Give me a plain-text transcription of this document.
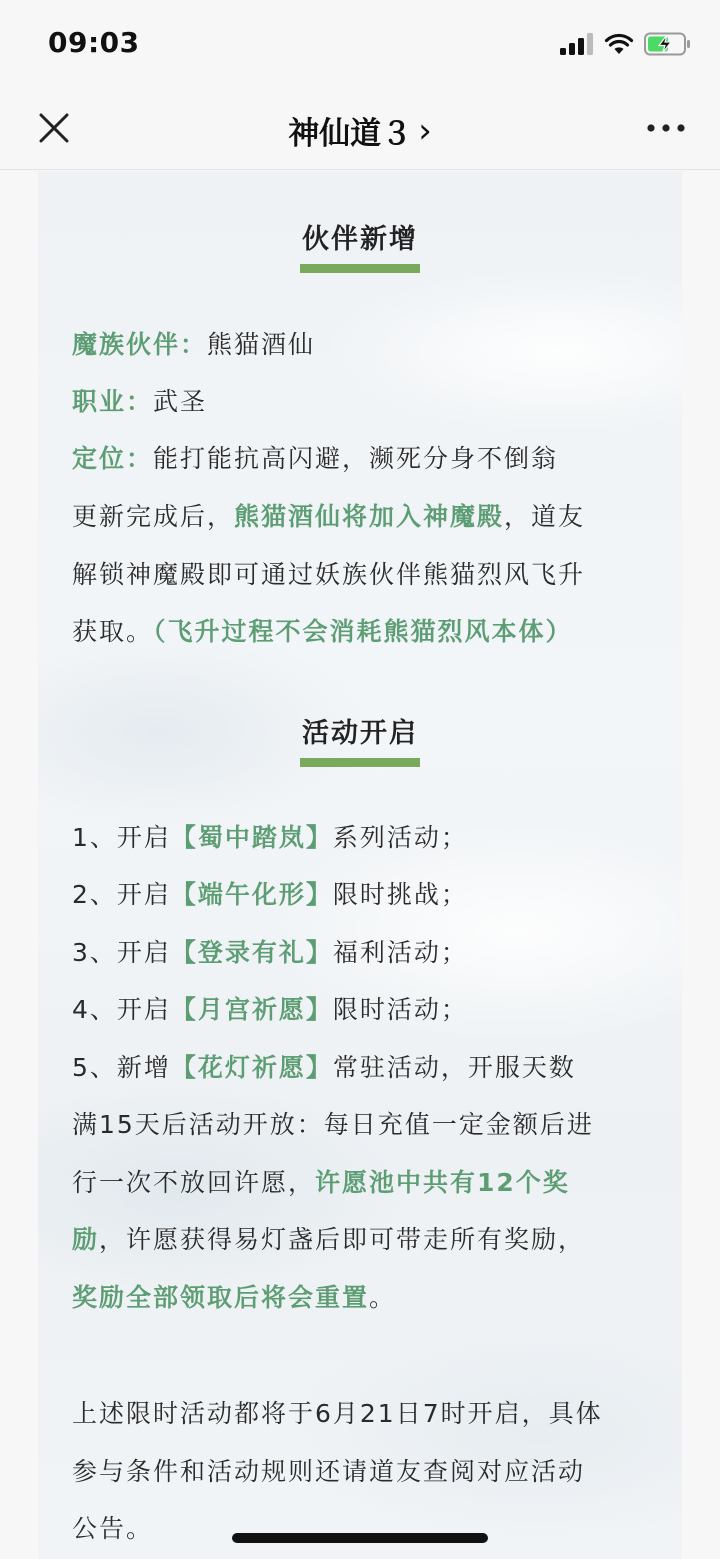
09:03
神仙道３ ›
伙伴新增
魔族伙伴：熊猫酒仙
职业：武圣
定位：能打能抗高闪避，濒死分身不倒翁
更新完成后，熊猫酒仙将加入神魔殿，道友
解锁神魔殿即可通过妖族伙伴熊猫烈风飞升
获取。（飞升过程不会消耗熊猫烈风本体）
活动开启
1、开启【蜀中踏岚】系列活动；
2、开启【端午化形】限时挑战；
3、开启【登录有礼】福利活动；
4、开启【月宫祈愿】限时活动；
5、新增【花灯祈愿】常驻活动，开服天数
满15天后活动开放：每日充值一定金额后进
行一次不放回许愿，许愿池中共有12个奖
励，许愿获得易灯盏后即可带走所有奖励，
奖励全部领取后将会重置。
上述限时活动都将于6月21日7时开启，具体
参与条件和活动规则还请道友查阅对应活动
公告。
